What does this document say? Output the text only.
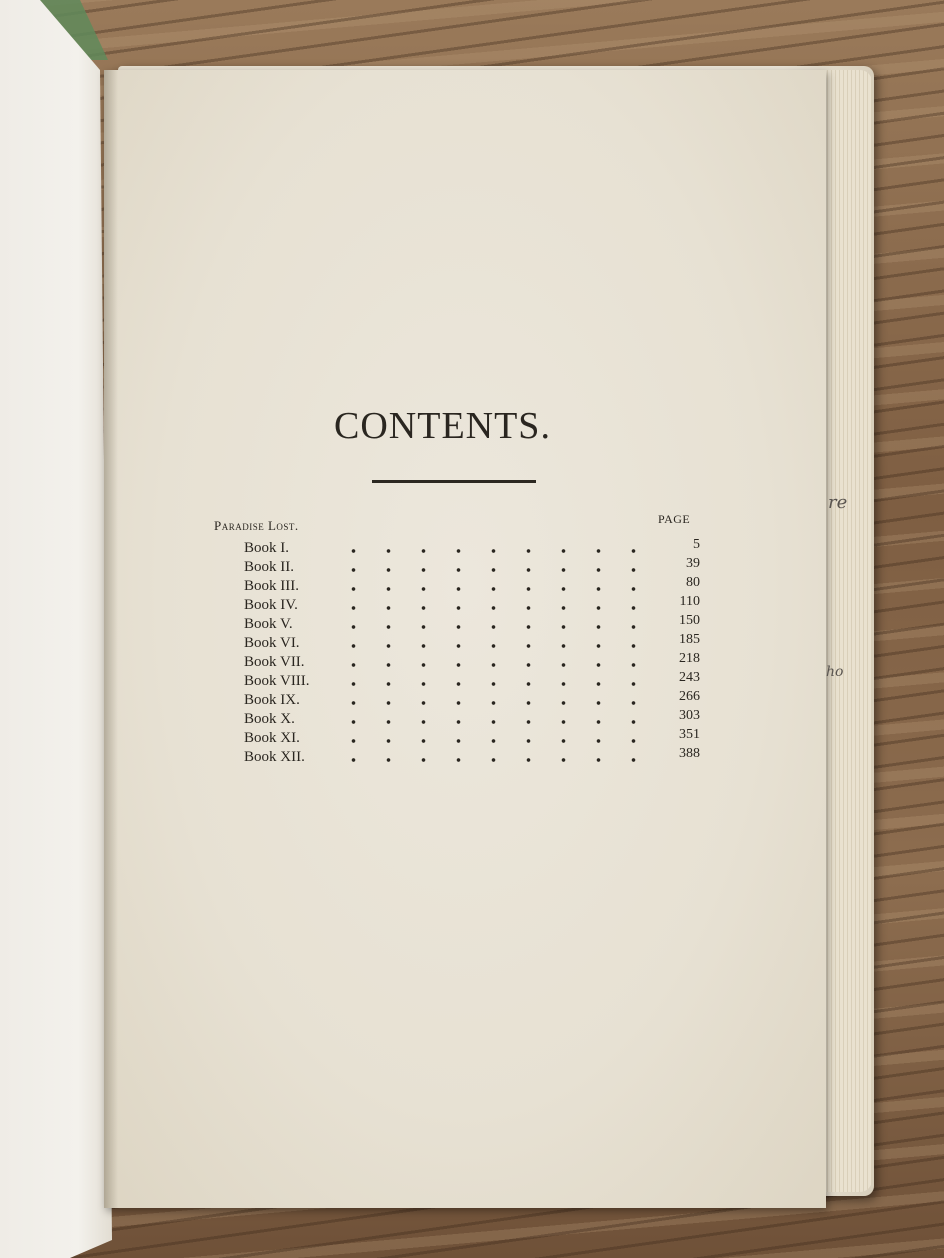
CONTENTS.
Paradise Lost.	PAGE
Book I.	5
Book II.	39
Book III.	80
Book IV.	110
Book V.	150
Book VI.	185
Book VII.	218
Book VIII.	243
Book IX.	266
Book X.	303
Book XI.	351
Book XII.	388
re
ho
